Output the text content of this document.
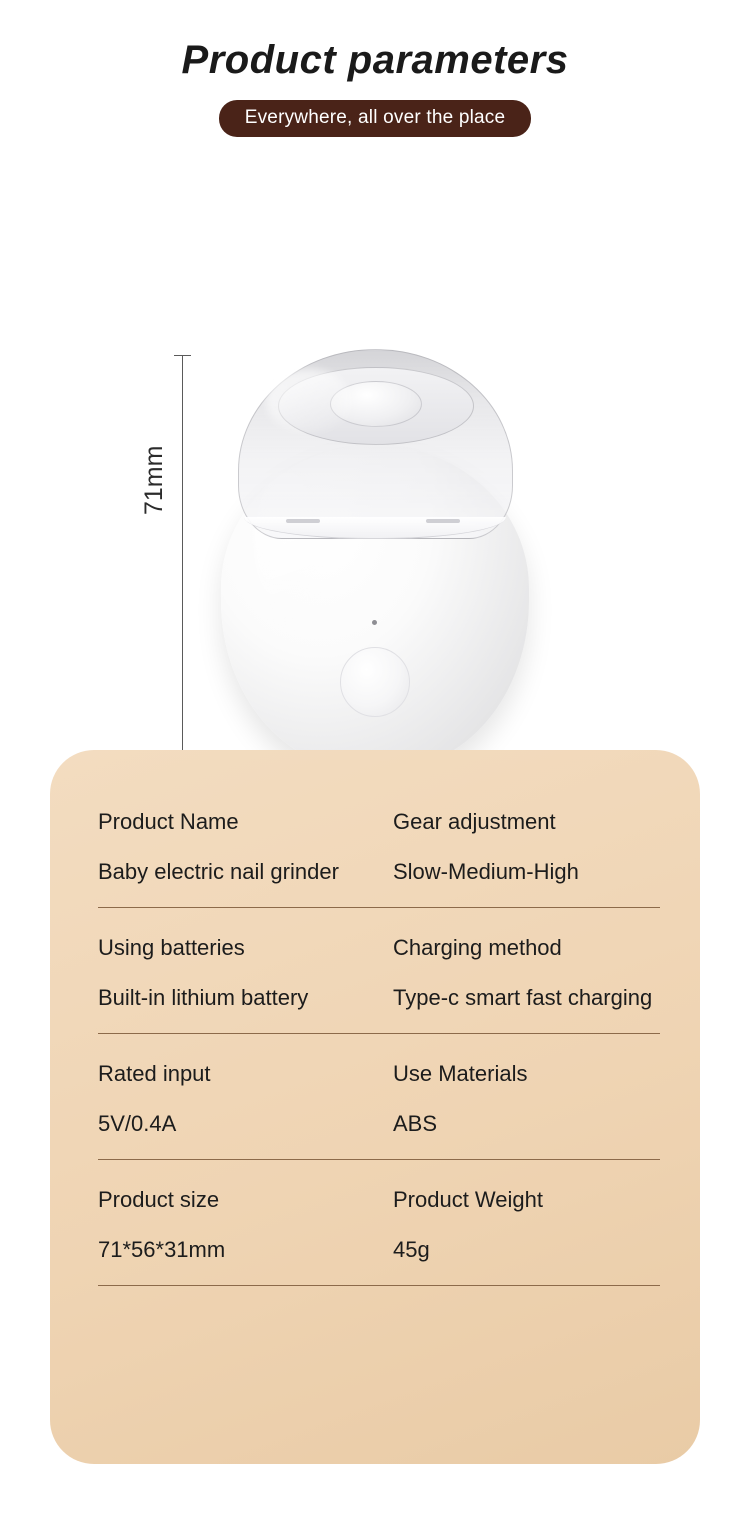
Product parameters
Everywhere, all over the place
71mm
Product Name
Baby electric nail grinder
Gear adjustment
Slow-Medium-High
Using batteries
Built-in lithium battery
Charging method
Type-c smart fast charging
Rated input
5V/0.4A
Use Materials
ABS
Product size
71*56*31mm
Product Weight
45g
